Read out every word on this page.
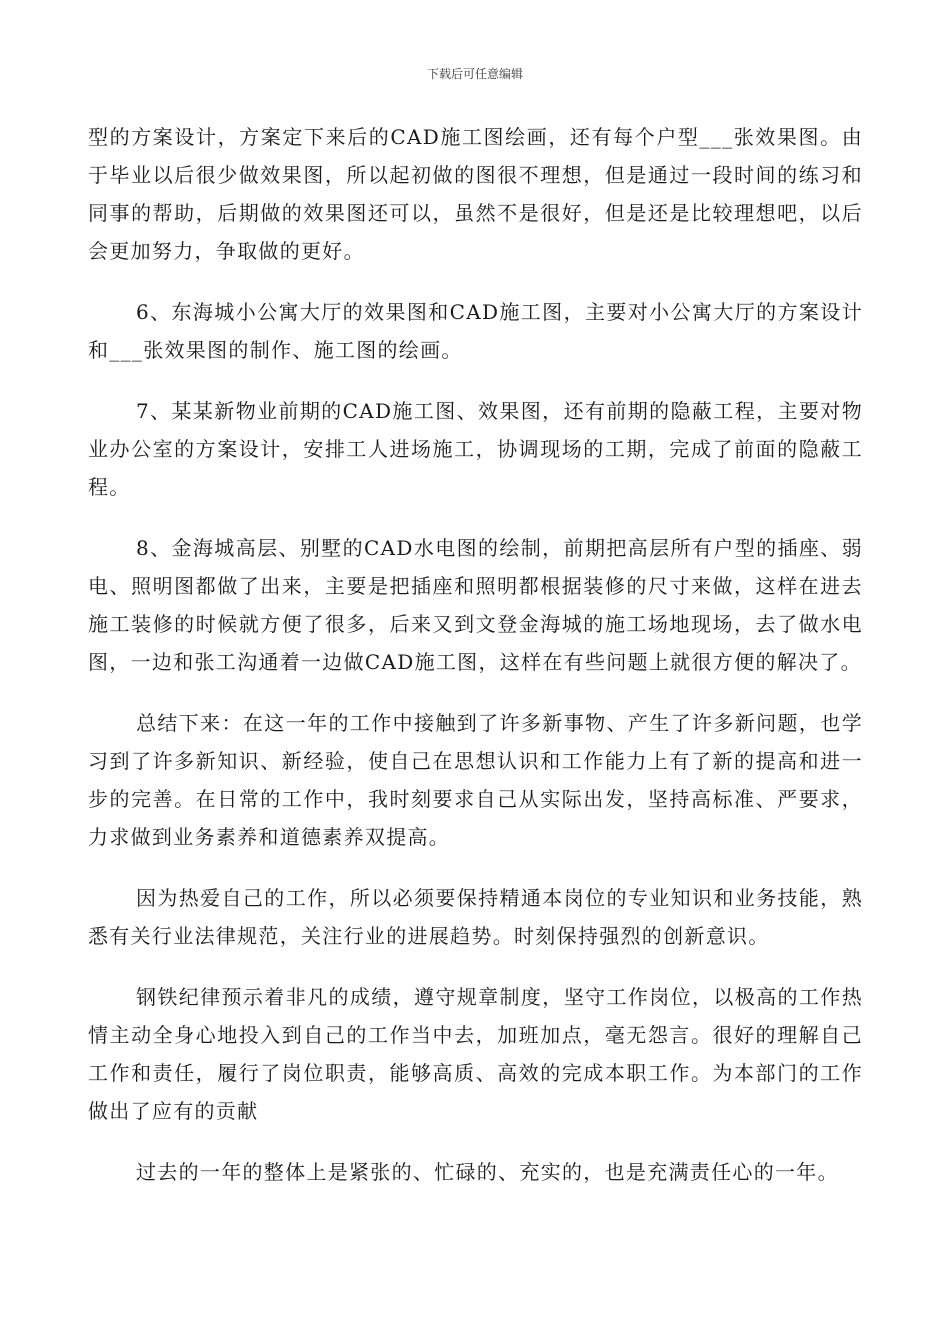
下载后可任意编辑

型的方案设计，方案定下来后的CAD施工图绘画，还有每个户型___张效果图。由于毕业以后很少做效果图，所以起初做的图很不理想，但是通过一段时间的练习和同事的帮助，后期做的效果图还可以，虽然不是很好，但是还是比较理想吧，以后会更加努力，争取做的更好。

6、东海城小公寓大厅的效果图和CAD施工图，主要对小公寓大厅的方案设计和___张效果图的制作、施工图的绘画。

7、某某新物业前期的CAD施工图、效果图，还有前期的隐蔽工程，主要对物业办公室的方案设计，安排工人进场施工，协调现场的工期，完成了前面的隐蔽工程。

8、金海城高层、别墅的CAD水电图的绘制，前期把高层所有户型的插座、弱电、照明图都做了出来，主要是把插座和照明都根据装修的尺寸来做，这样在进去施工装修的时候就方便了很多，后来又到文登金海城的施工场地现场，去了做水电图，一边和张工沟通着一边做CAD施工图，这样在有些问题上就很方便的解决了。

总结下来：在这一年的工作中接触到了许多新事物、产生了许多新问题，也学习到了许多新知识、新经验，使自己在思想认识和工作能力上有了新的提高和进一步的完善。在日常的工作中，我时刻要求自己从实际出发，坚持高标准、严要求，力求做到业务素养和道德素养双提高。

因为热爱自己的工作，所以必须要保持精通本岗位的专业知识和业务技能，熟悉有关行业法律规范，关注行业的进展趋势。时刻保持强烈的创新意识。

钢铁纪律预示着非凡的成绩，遵守规章制度，坚守工作岗位，以极高的工作热情主动全身心地投入到自己的工作当中去，加班加点，毫无怨言。很好的理解自己工作和责任，履行了岗位职责，能够高质、高效的完成本职工作。为本部门的工作做出了应有的贡献

过去的一年的整体上是紧张的、忙碌的、充实的，也是充满责任心的一年。
